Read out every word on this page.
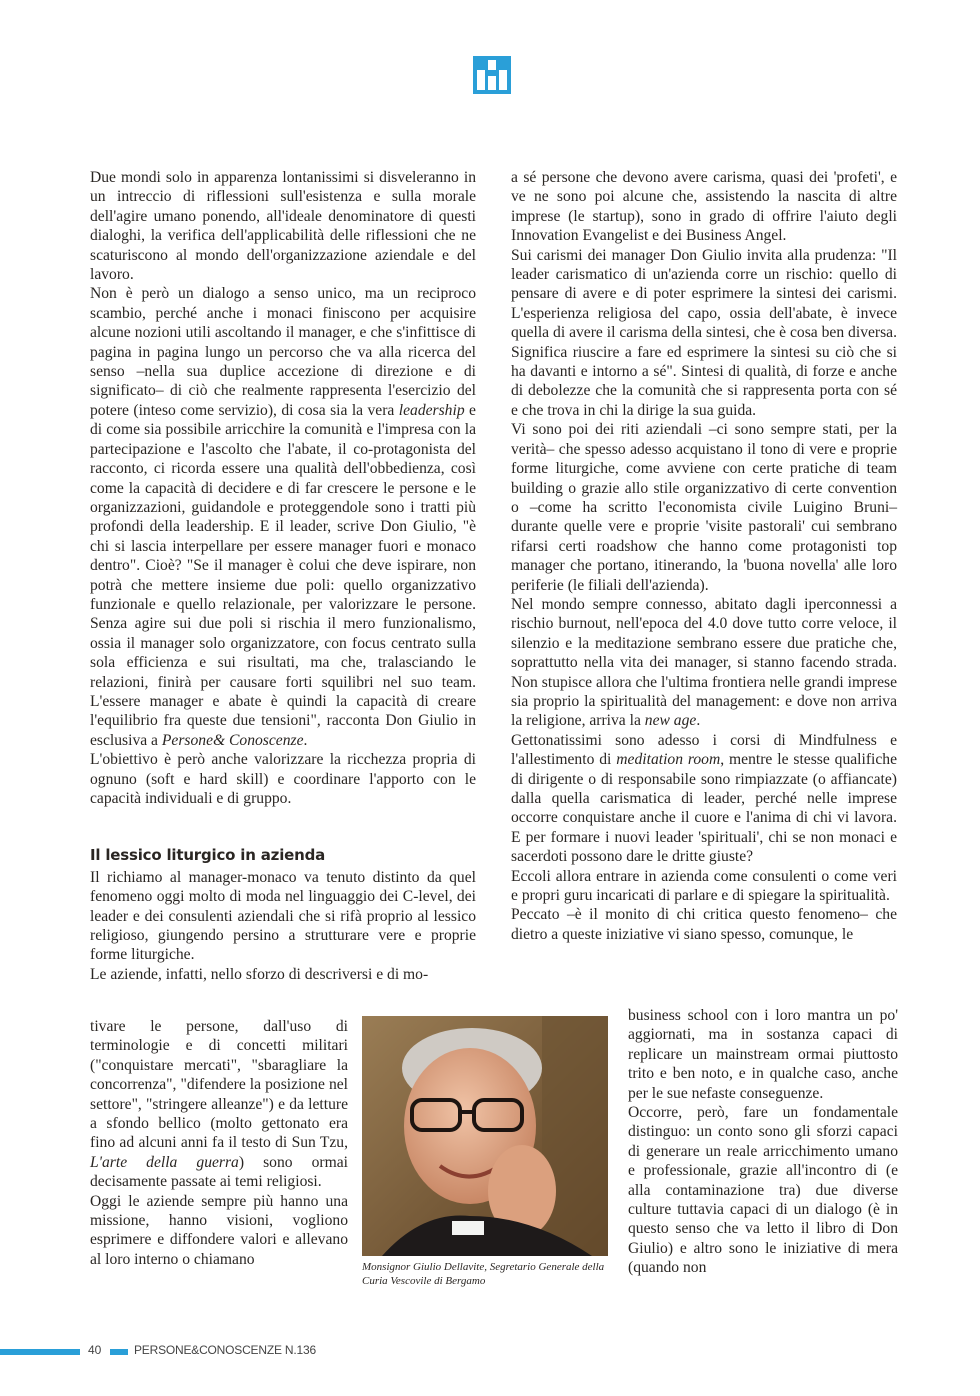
Due mondi solo in apparenza lontanissimi si disveleranno in un intreccio di riflessioni sull'esistenza e sulla morale dell'agire umano ponendo, all'ideale denominatore di questi dialoghi, la verifica dell'applicabilità delle riflessioni che ne scaturiscono al mondo dell'organizzazione aziendale e del lavoro.

Non è però un dialogo a senso unico, ma un reciproco scambio, perché anche i monaci finiscono per acquisire alcune nozioni utili ascoltando il manager, e che s'infittisce di pagina in pagina lungo un percorso che va alla ricerca del senso –nella sua duplice accezione di direzione e di significato– di ciò che realmente rappresenta l'esercizio del potere (inteso come servizio), di cosa sia la vera leadership e di come sia possibile arricchire la comunità e l'impresa con la partecipazione e l'ascolto che l'abate, il co-protagonista del racconto, ci ricorda essere una qualità dell'obbedienza, così come la capacità di decidere e di far crescere le persone e le organizzazioni, guidandole e proteggendole sono i tratti più profondi della leadership. E il leader, scrive Don Giulio, "è chi si lascia interpellare per essere manager fuori e monaco dentro". Cioè? "Se il manager è colui che deve ispirare, non potrà che mettere insieme due poli: quello organizzativo funzionale e quello relazionale, per valorizzare le persone. Senza agire sui due poli si rischia il mero funzionalismo, ossia il manager solo organizzatore, con focus centrato sulla sola efficienza e sui risultati, ma che, tralasciando le relazioni, finirà per causare forti squilibri nel suo team. L'essere manager e abate è quindi la capacità di creare l'equilibrio fra queste due tensioni", racconta Don Giulio in esclusiva a Persone& Conoscenze.

L'obiettivo è però anche valorizzare la ricchezza propria di ognuno (soft e hard skill) e coordinare l'apporto con le capacità individuali e di gruppo.

Il lessico liturgico in azienda

Il richiamo al manager-monaco va tenuto distinto da quel fenomeno oggi molto di moda nel linguaggio dei C-level, dei leader e dei consulenti aziendali che si rifà proprio al lessico religioso, giungendo persino a strutturare vere e proprie forme liturgiche.

Le aziende, infatti, nello sforzo di descriversi e di mo-

tivare le persone, dall'uso di terminologie e di concetti militari ("conquistare mercati", "sbaragliare la concorrenza", "difendere la posizione nel settore", "stringere alleanze") e da letture a sfondo bellico (molto gettonato era fino ad alcuni anni fa il testo di Sun Tzu, L'arte della guerra) sono ormai decisamente passate ai temi religiosi.

Oggi le aziende sempre più hanno una missione, hanno visioni, vogliono esprimere e diffondere valori e allevano al loro interno o chiamano

a sé persone che devono avere carisma, quasi dei 'profeti', e ve ne sono poi alcune che, assistendo la nascita di altre imprese (le startup), sono in grado di offrire l'aiuto degli Innovation Evangelist e dei Business Angel.

Sui carismi dei manager Don Giulio invita alla prudenza: "Il leader carismatico di un'azienda corre un rischio: quello di pensare di avere e di poter esprimere la sintesi dei carismi. L'esperienza religiosa del capo, ossia dell'abate, è invece quella di avere il carisma della sintesi, che è cosa ben diversa. Significa riuscire a fare ed esprimere la sintesi su ciò che si ha davanti e intorno a sé". Sintesi di qualità, di forze e anche di debolezze che la comunità che si rappresenta porta con sé e che trova in chi la dirige la sua guida.

Vi sono poi dei riti aziendali –ci sono sempre stati, per la verità– che spesso adesso acquistano il tono di vere e proprie forme liturgiche, come avviene con certe pratiche di team building o grazie allo stile organizzativo di certe convention o –come ha scritto l'economista civile Luigino Bruni– durante quelle vere e proprie 'visite pastorali' cui sembrano rifarsi certi roadshow che hanno come protagonisti top manager che portano, itinerando, la 'buona novella' alle loro periferie (le filiali dell'azienda).

Nel mondo sempre connesso, abitato dagli iperconnessi a rischio burnout, nell'epoca del 4.0 dove tutto corre veloce, il silenzio e la meditazione sembrano essere due pratiche che, soprattutto nella vita dei manager, si stanno facendo strada. Non stupisce allora che l'ultima frontiera nelle grandi imprese sia proprio la spiritualità del management: e dove non arriva la religione, arriva la new age.

Gettonatissimi sono adesso i corsi di Mindfulness e l'allestimento di meditation room, mentre le stesse qualifiche di dirigente o di responsabile sono rimpiazzate (o affiancate) dalla quella carismatica di leader, perché nelle imprese occorre conquistare anche il cuore e l'anima di chi vi lavora. E per formare i nuovi leader 'spirituali', chi se non monaci e sacerdoti possono dare le dritte giuste?

Eccoli allora entrare in azienda come consulenti o come veri e propri guru incaricati di parlare e di spiegare la spiritualità.

Peccato –è il monito di chi critica questo fenomeno– che dietro a queste iniziative vi siano spesso, comunque, le

business school con i loro mantra un po' aggiornati, ma in sostanza capaci di replicare un mainstream ormai piuttosto trito e ben noto, e in qualche caso, anche per le sue nefaste conseguenze.

Occorre, però, fare un fondamentale distinguo: un conto sono gli sforzi capaci di generare un reale arricchimento umano e professionale, grazie all'incontro di (e alla contaminazione tra) due diverse culture tuttavia capaci di un dialogo (è in questo senso che va letto il libro di Don Giulio) e altro sono le iniziative di mera (quando non

Monsignor Giulio Dellavite, Segretario Generale della Curia Vescovile di Bergamo
40	PERSONE&CONOSCENZE N.136
